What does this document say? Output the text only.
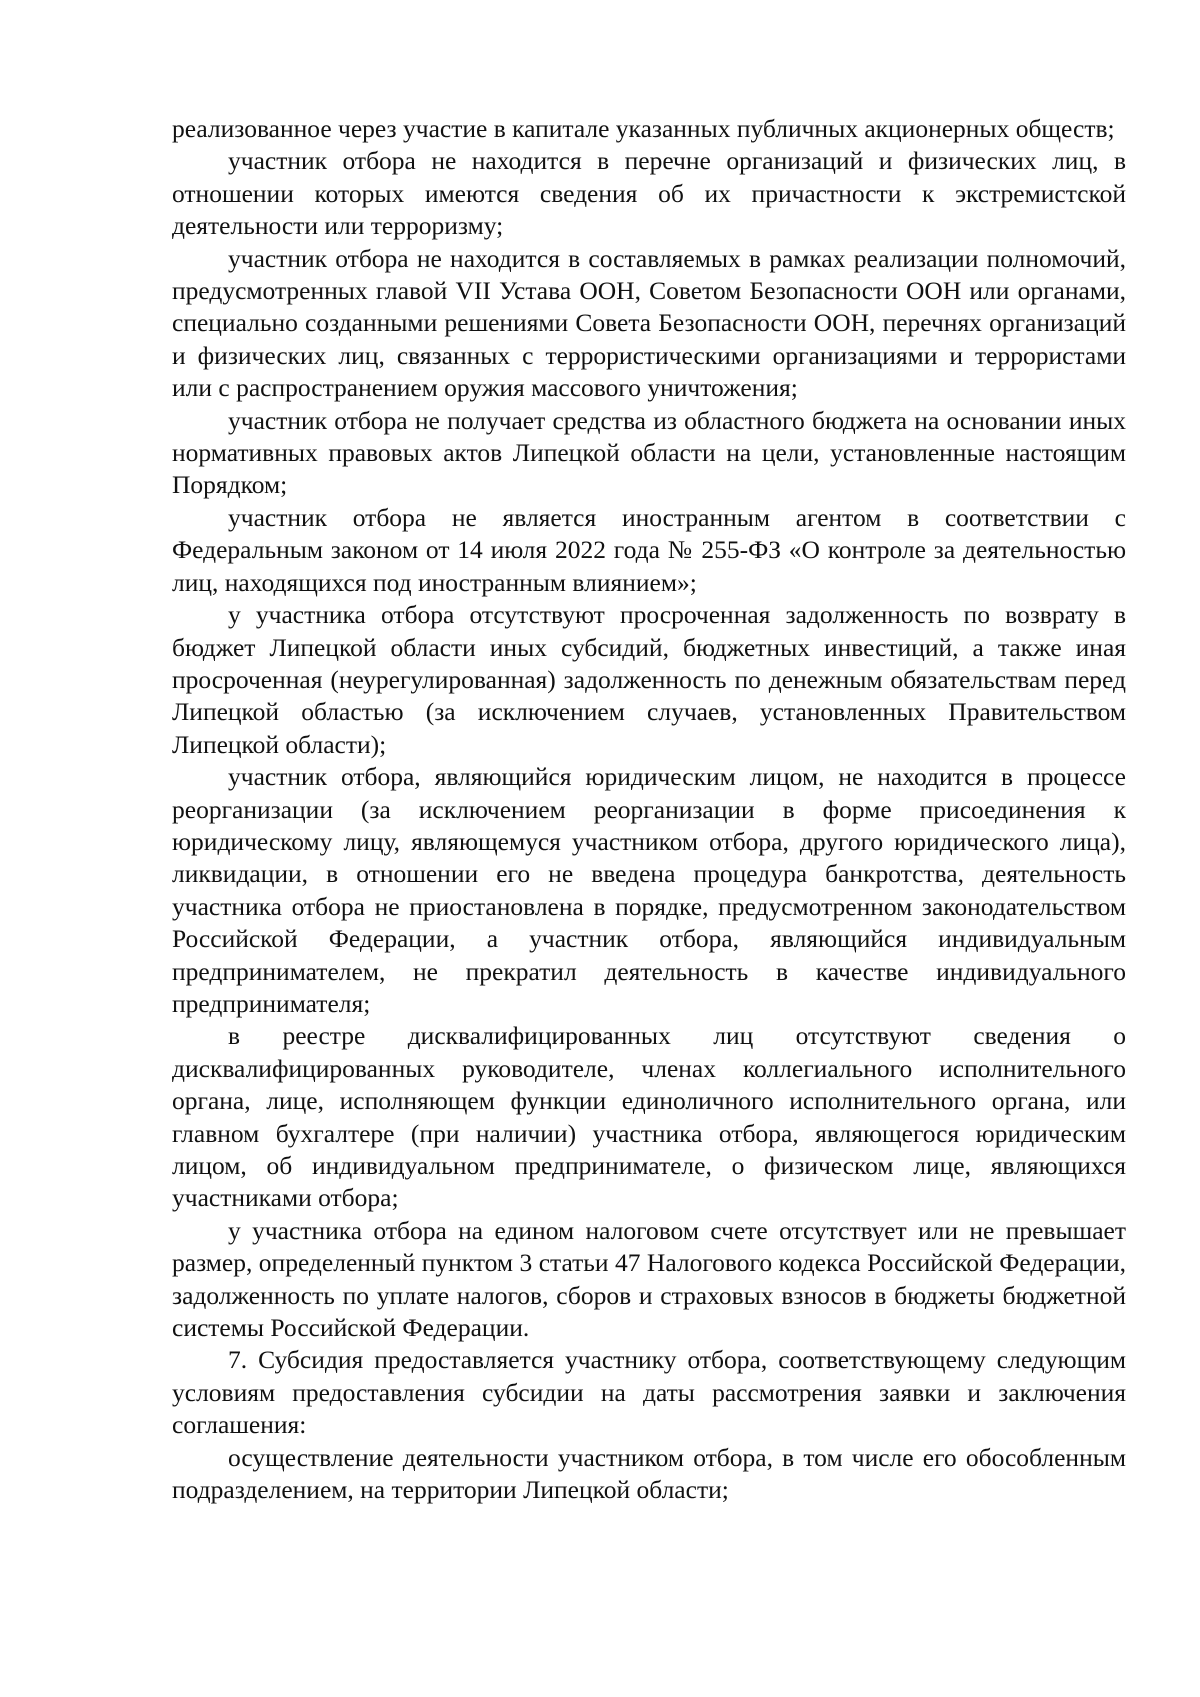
реализованное через участие в капитале указанных публичных акционерных обществ;

участник отбора не находится в перечне организаций и физических лиц, в отношении которых имеются сведения об их причастности к экстремистской деятельности или терроризму;

участник отбора не находится в составляемых в рамках реализации полномочий, предусмотренных главой VII Устава ООН, Советом Безопасности ООН или органами, специально созданными решениями Совета Безопасности ООН, перечнях организаций и физических лиц, связанных с террористическими организациями и террористами или с распространением оружия массового уничтожения;

участник отбора не получает средства из областного бюджета на основании иных нормативных правовых актов Липецкой области на цели, установленные настоящим Порядком;

участник отбора не является иностранным агентом в соответствии с Федеральным законом от 14 июля 2022 года № 255-ФЗ «О контроле за деятельностью лиц, находящихся под иностранным влиянием»;

у участника отбора отсутствуют просроченная задолженность по возврату в бюджет Липецкой области иных субсидий, бюджетных инвестиций, а также иная просроченная (неурегулированная) задолженность по денежным обязательствам перед Липецкой областью (за исключением случаев, установленных Правительством Липецкой области);

участник отбора, являющийся юридическим лицом, не находится в процессе реорганизации (за исключением реорганизации в форме присоединения к юридическому лицу, являющемуся участником отбора, другого юридического лица), ликвидации, в отношении его не введена процедура банкротства, деятельность участника отбора не приостановлена в порядке, предусмотренном законодательством Российской Федерации, а участник отбора, являющийся индивидуальным предпринимателем, не прекратил деятельность в качестве индивидуального предпринимателя;

в реестре дисквалифицированных лиц отсутствуют сведения о дисквалифицированных руководителе, членах коллегиального исполнительного органа, лице, исполняющем функции единоличного исполнительного органа, или главном бухгалтере (при наличии) участника отбора, являющегося юридическим лицом, об индивидуальном предпринимателе, о физическом лице, являющихся участниками отбора;

у участника отбора на едином налоговом счете отсутствует или не превышает размер, определенный пунктом 3 статьи 47 Налогового кодекса Российской Федерации, задолженность по уплате налогов, сборов и страховых взносов в бюджеты бюджетной системы Российской Федерации.

7. Субсидия предоставляется участнику отбора, соответствующему следующим условиям предоставления субсидии на даты рассмотрения заявки и заключения соглашения:

осуществление деятельности участником отбора, в том числе его обособленным подразделением, на территории Липецкой области;
